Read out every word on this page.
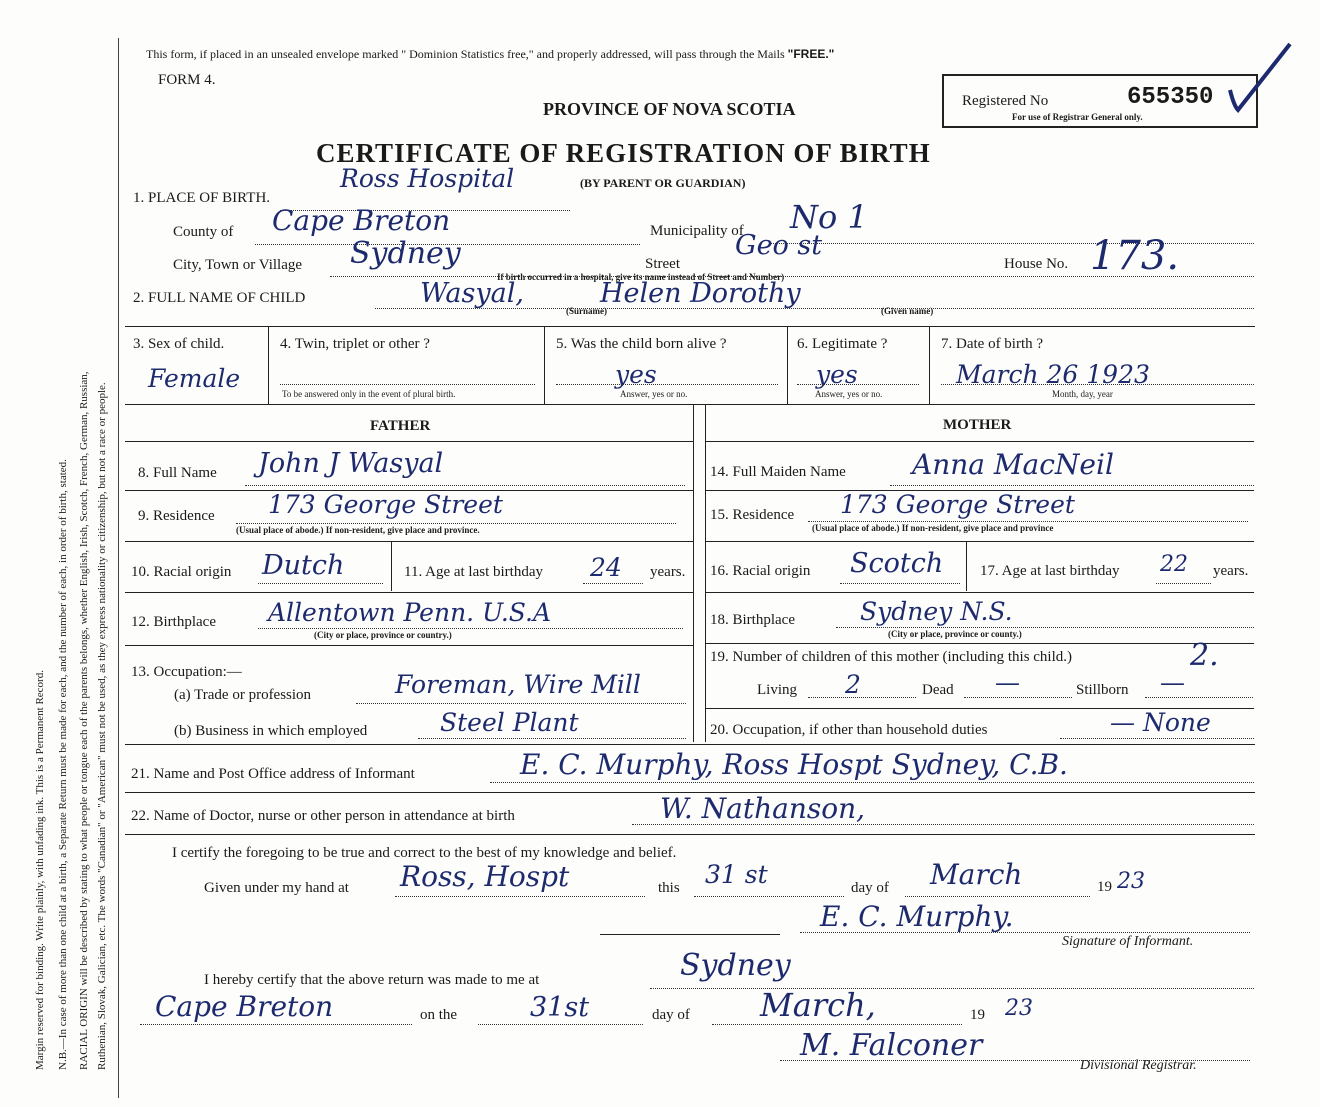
Margin reserved for binding. Write plainly, with unfading ink. This is a Permanent Record. N.B.—In case of more than one child at a birth, a Separate Return must be made for each, and the number of each, in order of birth, stated. RACIAL ORIGIN will be described by stating to what people or tongue each of the parents belongs, whether English, Irish, Scotch, French, German, Russian, Ruthenian, Slovak, Galician, etc. The words "Canadian" or "American" must not be used, as they express nationality or citizenship, but not a race or people.
This form, if placed in an unsealed envelope marked " Dominion Statistics free," and properly addressed, will pass through the Mails "FREE."
FORM 4.
PROVINCE OF NOVA SCOTIA
CERTIFICATE OF REGISTRATION OF BIRTH
(BY PARENT OR GUARDIAN)
Registered No	655350
For use of Registrar General only.
1. PLACE OF BIRTH.
Ross Hospital
County of Cape Breton	Municipality of No 1
City, Town or Village Sydney	Street
Geo st
If birth occurred in a hospital, give its name instead of Street and Number)
House No. 173.
2. FULL NAME OF CHILD	Wasyal,	Helen Dorothy
(Surname)	(Given name)
3. Sex of child.
Female
4. Twin, triplet or other ?
To be answered only in the event of plural birth.
5. Was the child born alive ?
yes
Answer, yes or no.
6. Legitimate ?
yes
Answer, yes or no.
7. Date of birth ?
March 26 1923
Month, day, year
FATHER	MOTHER
8. Full Name John J Wasyal
9. Residence 173 George Street
(Usual place of abode.) If non-resident, give place and province.
10. Racial origin Dutch	11. Age at last birthday 24 years.
12. Birthplace Allentown Penn. U.S.A
(City or place, province or country.)
13. Occupation:—
(a) Trade or profession	Foreman, Wire Mill
(b) Business in which employed	Steel Plant
14. Full Maiden Name Anna MacNeil
15. Residence 173 George Street
(Usual place of abode.) If non-resident, give place and province
16. Racial origin Scotch 17. Age at last birthday 22 years.
18. Birthplace	Sydney N.S.
(City or place, province or county.)
19. Number of children of this mother (including this child.)	2.
Living 2	Dead —	Stillborn —
20. Occupation, if other than household duties	— None
21. Name and Post Office address of Informant	E. C. Murphy, Ross Hospt Sydney, C.B.
22. Name of Doctor, nurse or other person in attendance at birth	W. Nathanson,
I certify the foregoing to be true and correct to the best of my knowledge and belief.
Given under my hand at Ross, Hospt	this 31 st	day of March	19 23
E. C. Murphy.
Signature of Informant.
I hereby certify that the above return was made to me at	Sydney
Cape Breton	on the	31st	day of March,	19 23
M. Falconer
Divisional Registrar.
